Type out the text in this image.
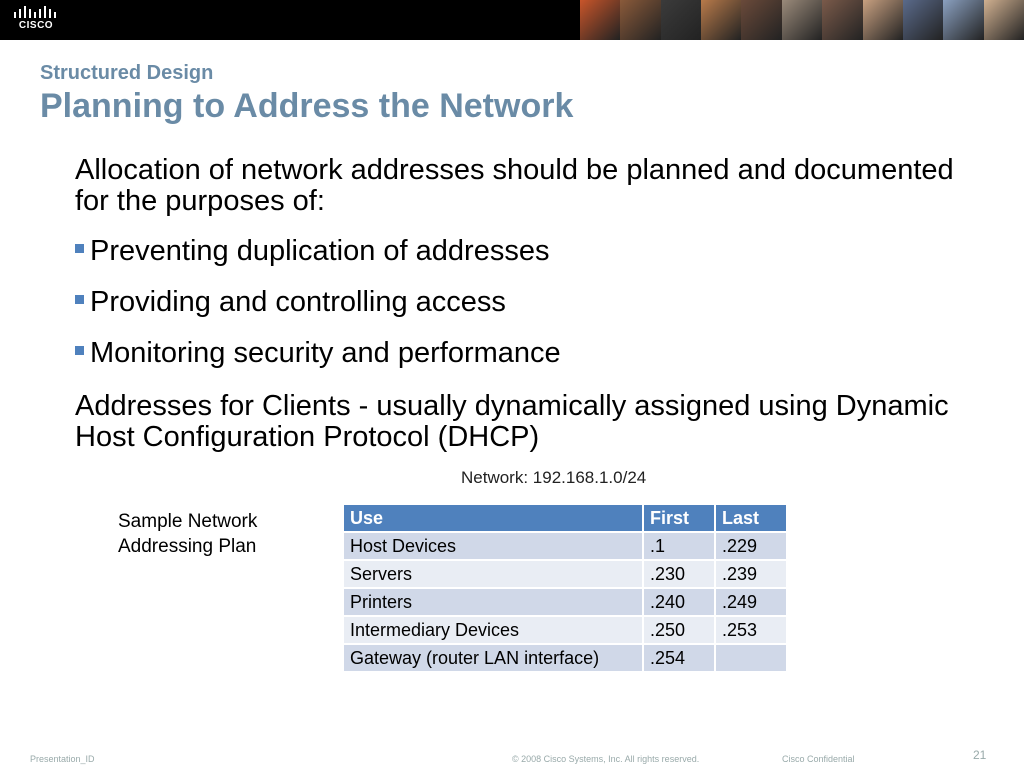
CISCO
Structured Design
Planning to Address the Network
Allocation of network addresses should be planned and documented for the purposes of:
Preventing duplication of addresses
Providing and controlling access
Monitoring security and performance
Addresses for Clients - usually dynamically assigned using Dynamic Host Configuration Protocol (DHCP)
Sample Network Addressing Plan
Network: 192.168.1.0/24
Use	First	Last
Host Devices	.1	.229
Servers	.230	.239
Printers	.240	.249
Intermediary Devices	.250	.253
Gateway (router LAN interface)	.254	
Presentation_ID	© 2008 Cisco Systems, Inc. All rights reserved.	Cisco Confidential	21
